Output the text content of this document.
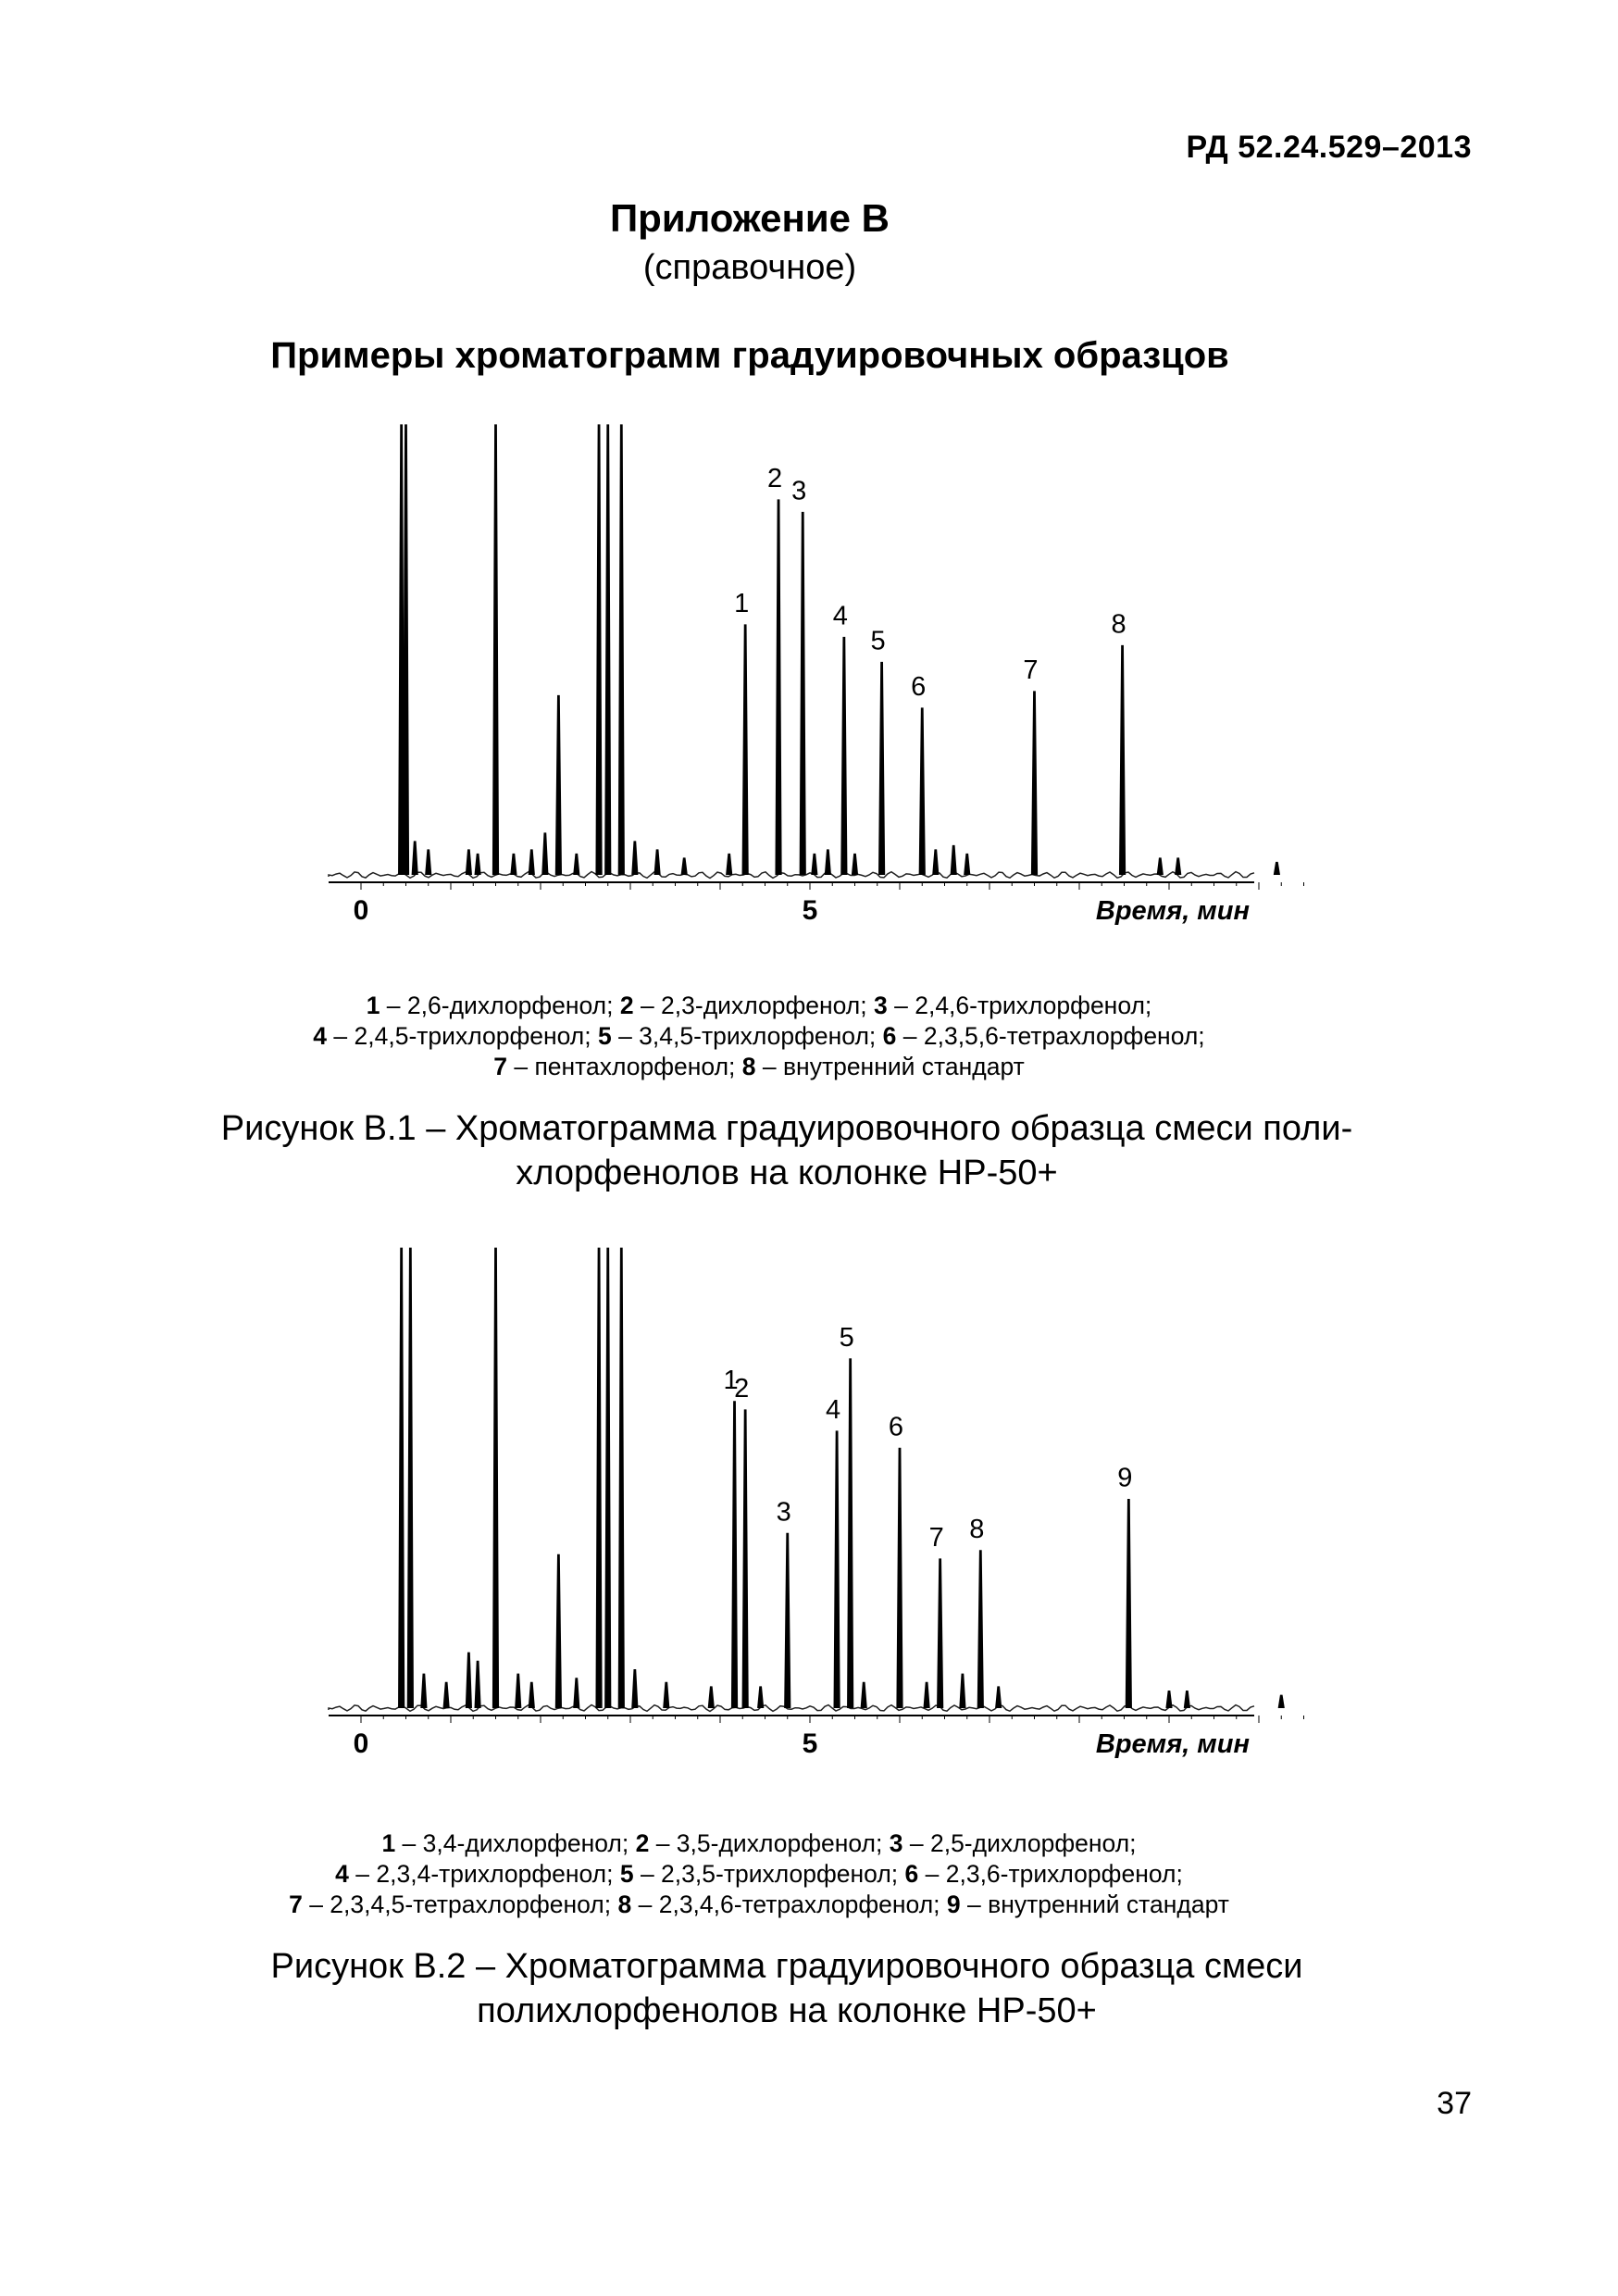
РД 52.24.529–2013
Приложение В
(справочное)
Примеры хроматограмм градуировочных образцов
1
2 3
4
5
6
7
8
0	5	Время, мин
1 – 2,6-дихлорфенол; 2 – 2,3-дихлорфенол; 3 – 2,4,6-трихлорфенол;
4 – 2,4,5-трихлорфенол; 5 – 3,4,5-трихлорфенол; 6 – 2,3,5,6-тетрахлорфенол;
7 – пентахлорфенол; 8 – внутренний стандарт
Рисунок В.1 – Хроматограмма градуировочного образца смеси поли-
хлорфенолов на колонке HP-50+
1
2
3
4
5
6
7 8
9
0	5	Время, мин
1 – 3,4-дихлорфенол; 2 – 3,5-дихлорфенол; 3 – 2,5-дихлорфенол;
4 – 2,3,4-трихлорфенол; 5 – 2,3,5-трихлорфенол; 6 – 2,3,6-трихлорфенол;
7 – 2,3,4,5-тетрахлорфенол; 8 – 2,3,4,6-тетрахлорфенол; 9 – внутренний стандарт
Рисунок В.2 – Хроматограмма градуировочного образца смеси
полихлорфенолов на колонке HP-50+
37
